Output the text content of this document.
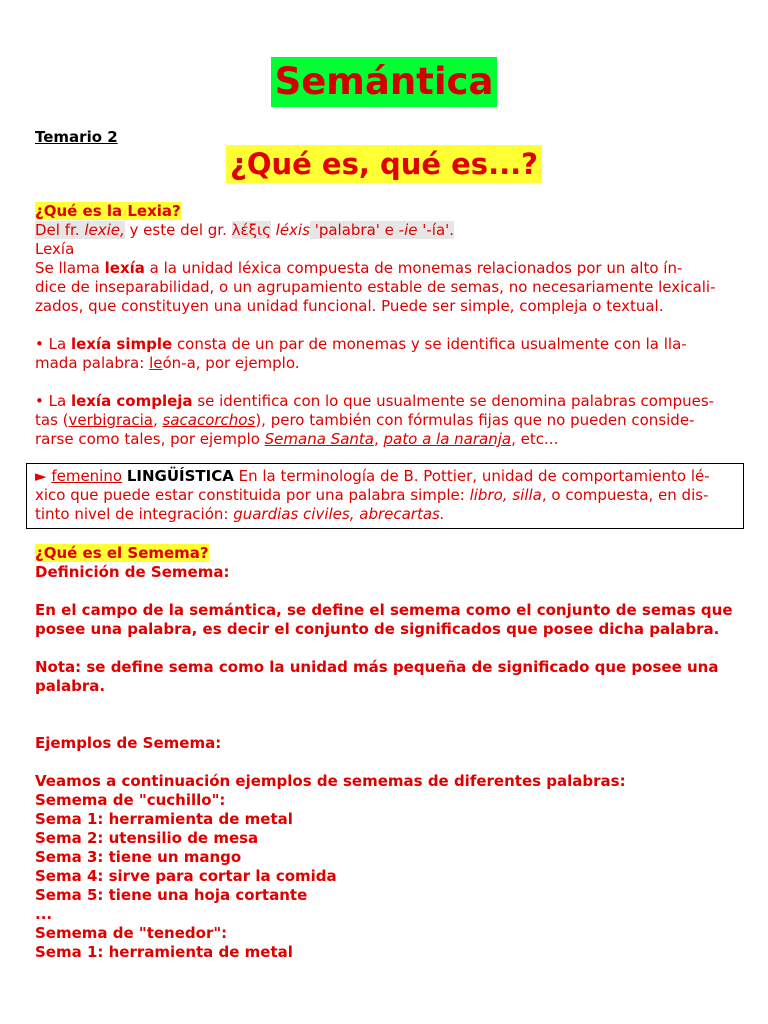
Semántica
Temario 2
¿Qué es, qué es...?
¿Qué es la Lexia?
Del fr. lexie, y este del gr. λέξις léxis 'palabra' e -ie '-ía'.
Lexía
Se llama lexía a la unidad léxica compuesta de monemas relacionados por un alto ín-
dice de inseparabilidad, o un agrupamiento estable de semas, no necesariamente lexicali-
zados, que constituyen una unidad funcional. Puede ser simple, compleja o textual.
• La lexía simple consta de un par de monemas y se identifica usualmente con la lla-
mada palabra: león-a, por ejemplo.
• La lexía compleja se identifica con lo que usualmente se denomina palabras compues-
tas (verbigracia, sacacorchos), pero también con fórmulas fijas que no pueden conside-
rarse como tales, por ejemplo Semana Santa, pato a la naranja, etc...
► femenino LINGÜÍSTICA En la terminología de B. Pottier, unidad de comportamiento lé-
xico que puede estar constituida por una palabra simple: libro, silla, o compuesta, en dis-
tinto nivel de integración: guardias civiles, abrecartas.
¿Qué es el Semema?
Definición de Semema:
En el campo de la semántica, se define el semema como el conjunto de semas que
posee una palabra, es decir el conjunto de significados que posee dicha palabra.
Nota: se define sema como la unidad más pequeña de significado que posee una
palabra.
Ejemplos de Semema:
Veamos a continuación ejemplos de sememas de diferentes palabras:
Semema de "cuchillo":
Sema 1: herramienta de metal
Sema 2: utensilio de mesa
Sema 3: tiene un mango
Sema 4: sirve para cortar la comida
Sema 5: tiene una hoja cortante
...
Semema de "tenedor":
Sema 1: herramienta de metal
